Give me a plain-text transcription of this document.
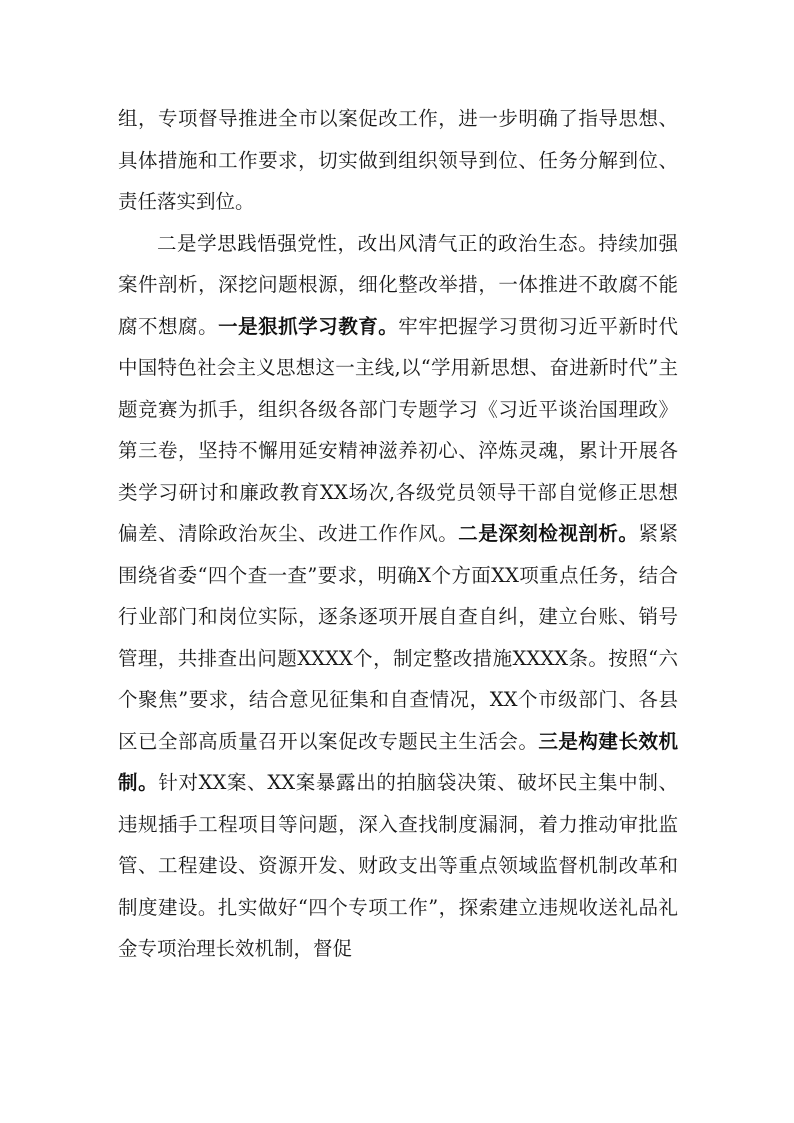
组，专项督导推进全市以案促改工作，进一步明确了指导思想、具体措施和工作要求，切实做到组织领导到位、任务分解到位、责任落实到位。

二是学思践悟强党性，改出风清气正的政治生态。持续加强案件剖析，深挖问题根源，细化整改举措，一体推进不敢腐不能腐不想腐。一是狠抓学习教育。牢牢把握学习贯彻习近平新时代中国特色社会主义思想这一主线,以“学用新思想、奋进新时代”主题竞赛为抓手，组织各级各部门专题学习《习近平谈治国理政》第三卷，坚持不懈用延安精神滋养初心、淬炼灵魂，累计开展各类学习研讨和廉政教育XX场次,各级党员领导干部自觉修正思想偏差、清除政治灰尘、改进工作作风。二是深刻检视剖析。紧紧围绕省委“四个查一查”要求，明确X个方面XX项重点任务，结合行业部门和岗位实际，逐条逐项开展自查自纠，建立台账、销号管理，共排查出问题XXXX个，制定整改措施XXXX条。按照“六个聚焦”要求，结合意见征集和自查情况，XX个市级部门、各县区已全部高质量召开以案促改专题民主生活会。三是构建长效机制。针对XX案、XX案暴露出的拍脑袋决策、破坏民主集中制、违规插手工程项目等问题，深入查找制度漏洞，着力推动审批监管、工程建设、资源开发、财政支出等重点领域监督机制改革和制度建设。扎实做好“四个专项工作”，探索建立违规收送礼品礼金专项治理长效机制，督促
